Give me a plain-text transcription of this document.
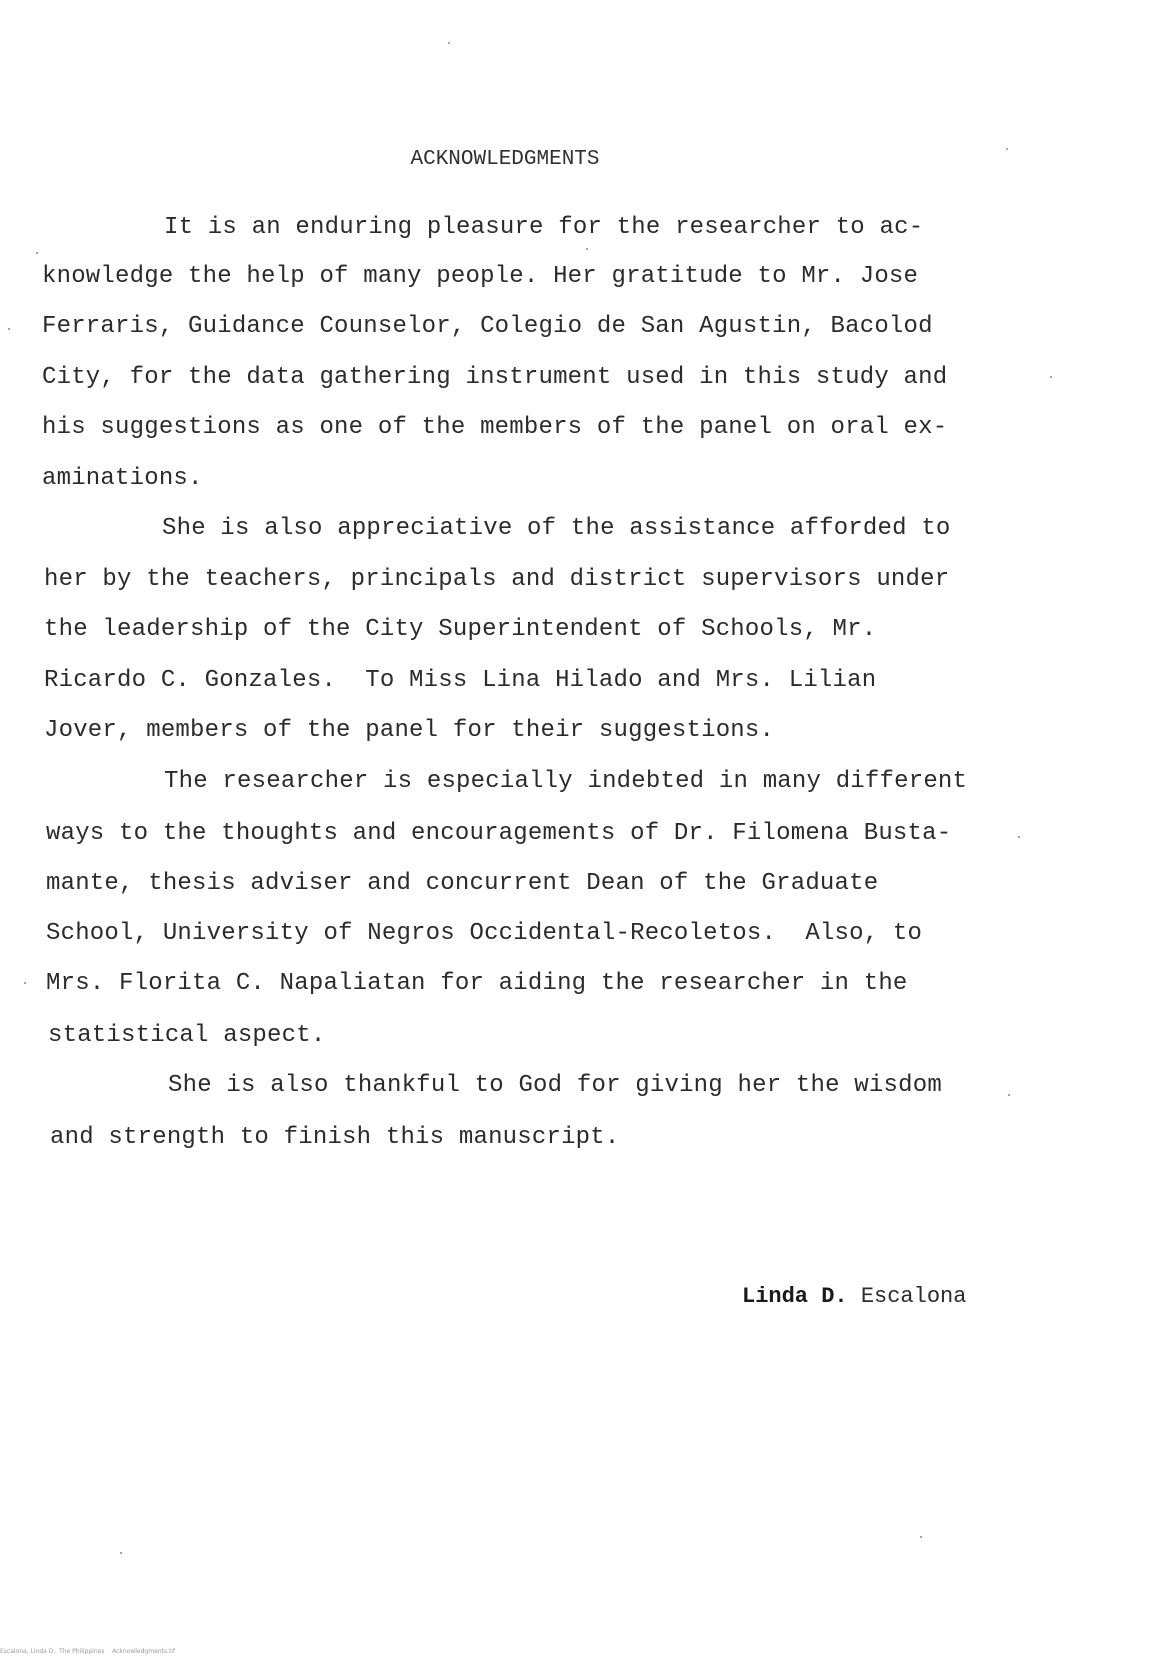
ACKNOWLEDGMENTS
It is an enduring pleasure for the researcher to ac-
knowledge the help of many people. Her gratitude to Mr. Jose
Ferraris, Guidance Counselor, Colegio de San Agustin, Bacolod
City, for the data gathering instrument used in this study and
his suggestions as one of the members of the panel on oral ex-
aminations.
She is also appreciative of the assistance afforded to
her by the teachers, principals and district supervisors under
the leadership of the City Superintendent of Schools, Mr.
Ricardo C. Gonzales.  To Miss Lina Hilado and Mrs. Lilian
Jover, members of the panel for their suggestions.
The researcher is especially indebted in many different
ways to the thoughts and encouragements of Dr. Filomena Busta-
mante, thesis adviser and concurrent Dean of the Graduate
School, University of Negros Occidental-Recoletos.  Also, to
Mrs. Florita C. Napaliatan for aiding the researcher in the
statistical aspect.
She is also thankful to God for giving her the wisdom
and strength to finish this manuscript.
Linda D. Escalona
Escalona, Linda D.  The Philippines    Acknowledgments.tif
